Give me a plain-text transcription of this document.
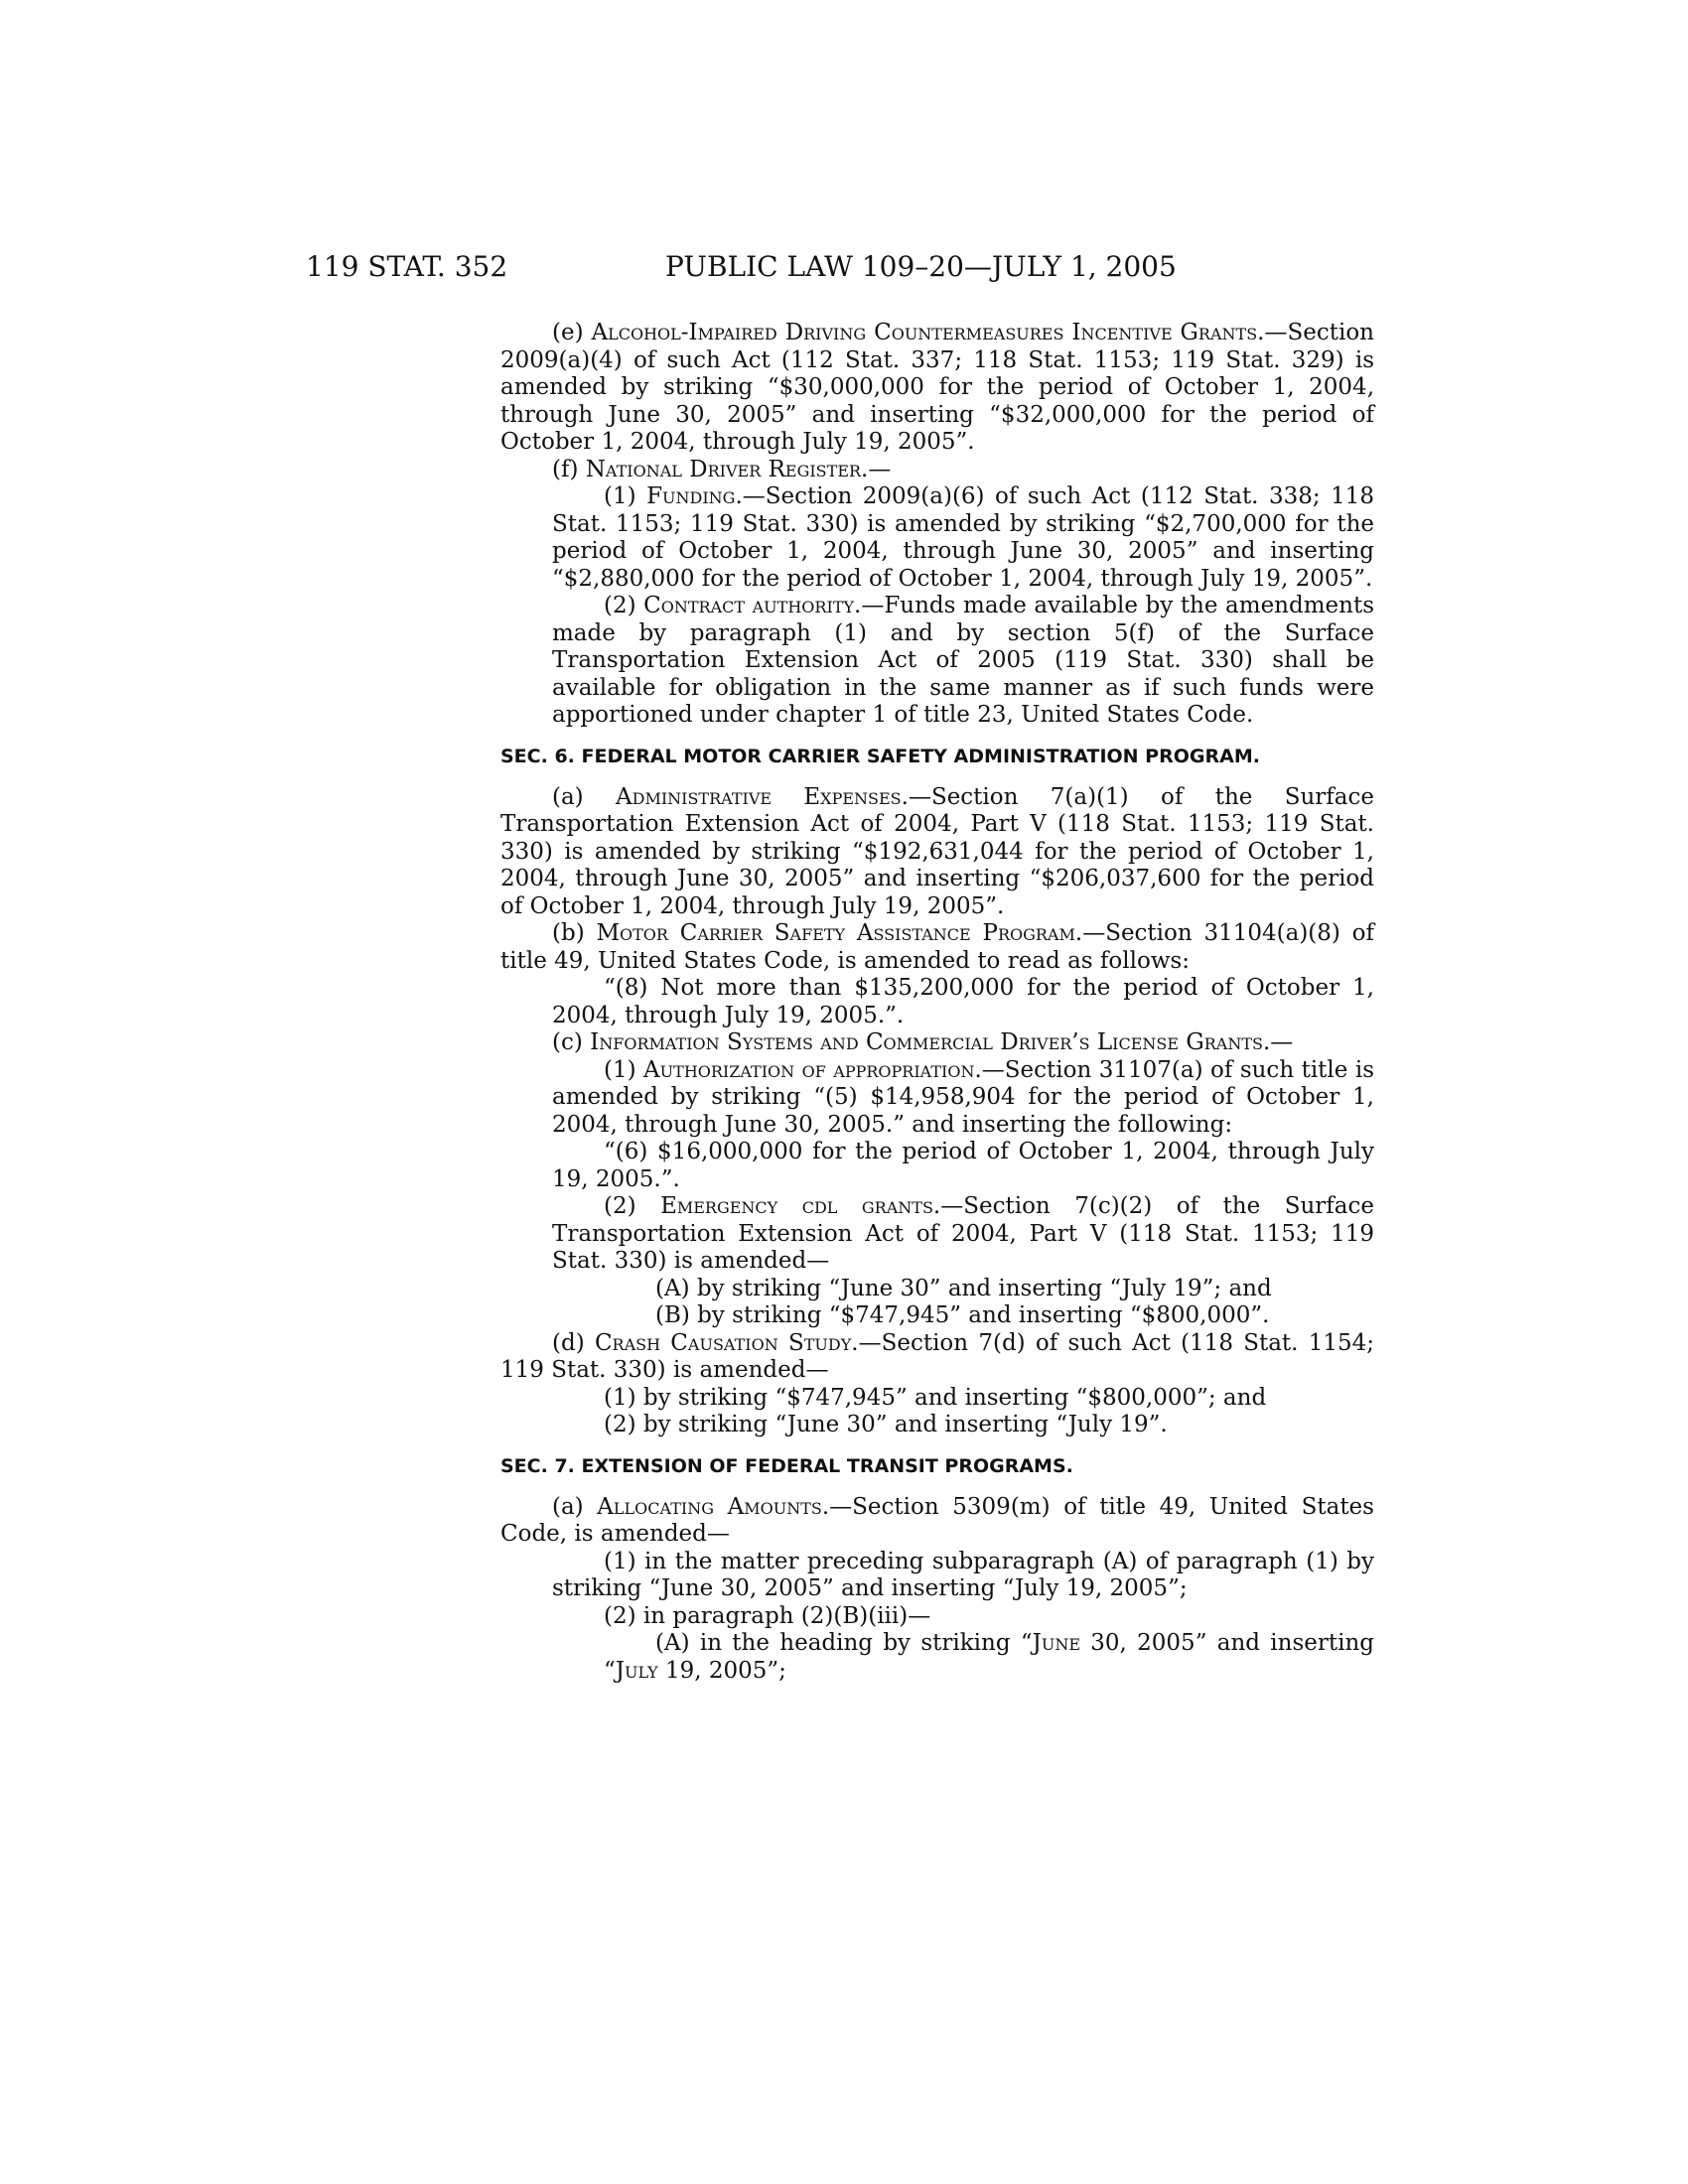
119 STAT. 352	PUBLIC LAW 109–20—JULY 1, 2005

(e) Alcohol-Impaired Driving Countermeasures Incentive Grants.—Section 2009(a)(4) of such Act (112 Stat. 337; 118 Stat. 1153; 119 Stat. 329) is amended by striking “$30,000,000 for the period of October 1, 2004, through June 30, 2005” and inserting “$32,000,000 for the period of October 1, 2004, through July 19, 2005”.

(f) National Driver Register.—

(1) Funding.—Section 2009(a)(6) of such Act (112 Stat. 338; 118 Stat. 1153; 119 Stat. 330) is amended by striking “$2,700,000 for the period of October 1, 2004, through June 30, 2005” and inserting “$2,880,000 for the period of October 1, 2004, through July 19, 2005”.

(2) Contract authority.—Funds made available by the amendments made by paragraph (1) and by section 5(f) of the Surface Transportation Extension Act of 2005 (119 Stat. 330) shall be available for obligation in the same manner as if such funds were apportioned under chapter 1 of title 23, United States Code.

SEC. 6. FEDERAL MOTOR CARRIER SAFETY ADMINISTRATION PROGRAM.

(a) Administrative Expenses.—Section 7(a)(1) of the Surface Transportation Extension Act of 2004, Part V (118 Stat. 1153; 119 Stat. 330) is amended by striking “$192,631,044 for the period of October 1, 2004, through June 30, 2005” and inserting “$206,037,600 for the period of October 1, 2004, through July 19, 2005”.

(b) Motor Carrier Safety Assistance Program.—Section 31104(a)(8) of title 49, United States Code, is amended to read as follows:

“(8) Not more than $135,200,000 for the period of October 1, 2004, through July 19, 2005.”.

(c) Information Systems and Commercial Driver’s License Grants.—

(1) Authorization of appropriation.—Section 31107(a) of such title is amended by striking “(5) $14,958,904 for the period of October 1, 2004, through June 30, 2005.” and inserting the following:

“(6) $16,000,000 for the period of October 1, 2004, through July 19, 2005.”.

(2) Emergency cdl grants.—Section 7(c)(2) of the Surface Transportation Extension Act of 2004, Part V (118 Stat. 1153; 119 Stat. 330) is amended—

(A) by striking “June 30” and inserting “July 19”; and

(B) by striking “$747,945” and inserting “$800,000”.

(d) Crash Causation Study.—Section 7(d) of such Act (118 Stat. 1154; 119 Stat. 330) is amended—

(1) by striking “$747,945” and inserting “$800,000”; and

(2) by striking “June 30” and inserting “July 19”.

SEC. 7. EXTENSION OF FEDERAL TRANSIT PROGRAMS.

(a) Allocating Amounts.—Section 5309(m) of title 49, United States Code, is amended—

(1) in the matter preceding subparagraph (A) of paragraph (1) by striking “June 30, 2005” and inserting “July 19, 2005”;

(2) in paragraph (2)(B)(iii)—

(A) in the heading by striking “June 30, 2005” and inserting “July 19, 2005”;
